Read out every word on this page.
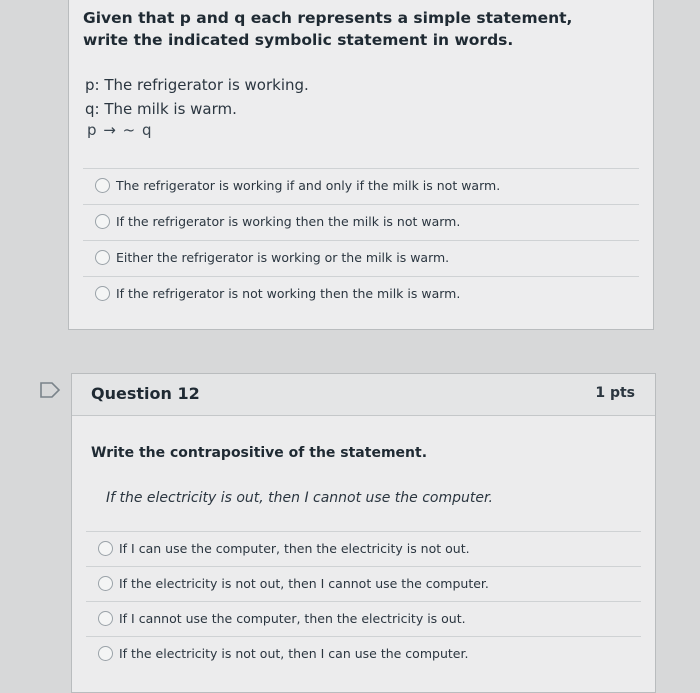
Given that p and q each represents a simple statement, write the indicated symbolic statement in words.
p: The refrigerator is working.
q: The milk is warm.
p → ~ q
The refrigerator is working if and only if the milk is not warm.
If the refrigerator is working then the milk is not warm.
Either the refrigerator is working or the milk is warm.
If the refrigerator is not working then the milk is warm.
Question 12	1 pts
Write the contrapositive of the statement.
If the electricity is out, then I cannot use the computer.
If I can use the computer, then the electricity is not out.
If the electricity is not out, then I cannot use the computer.
If I cannot use the computer, then the electricity is out.
If the electricity is not out, then I can use the computer.
